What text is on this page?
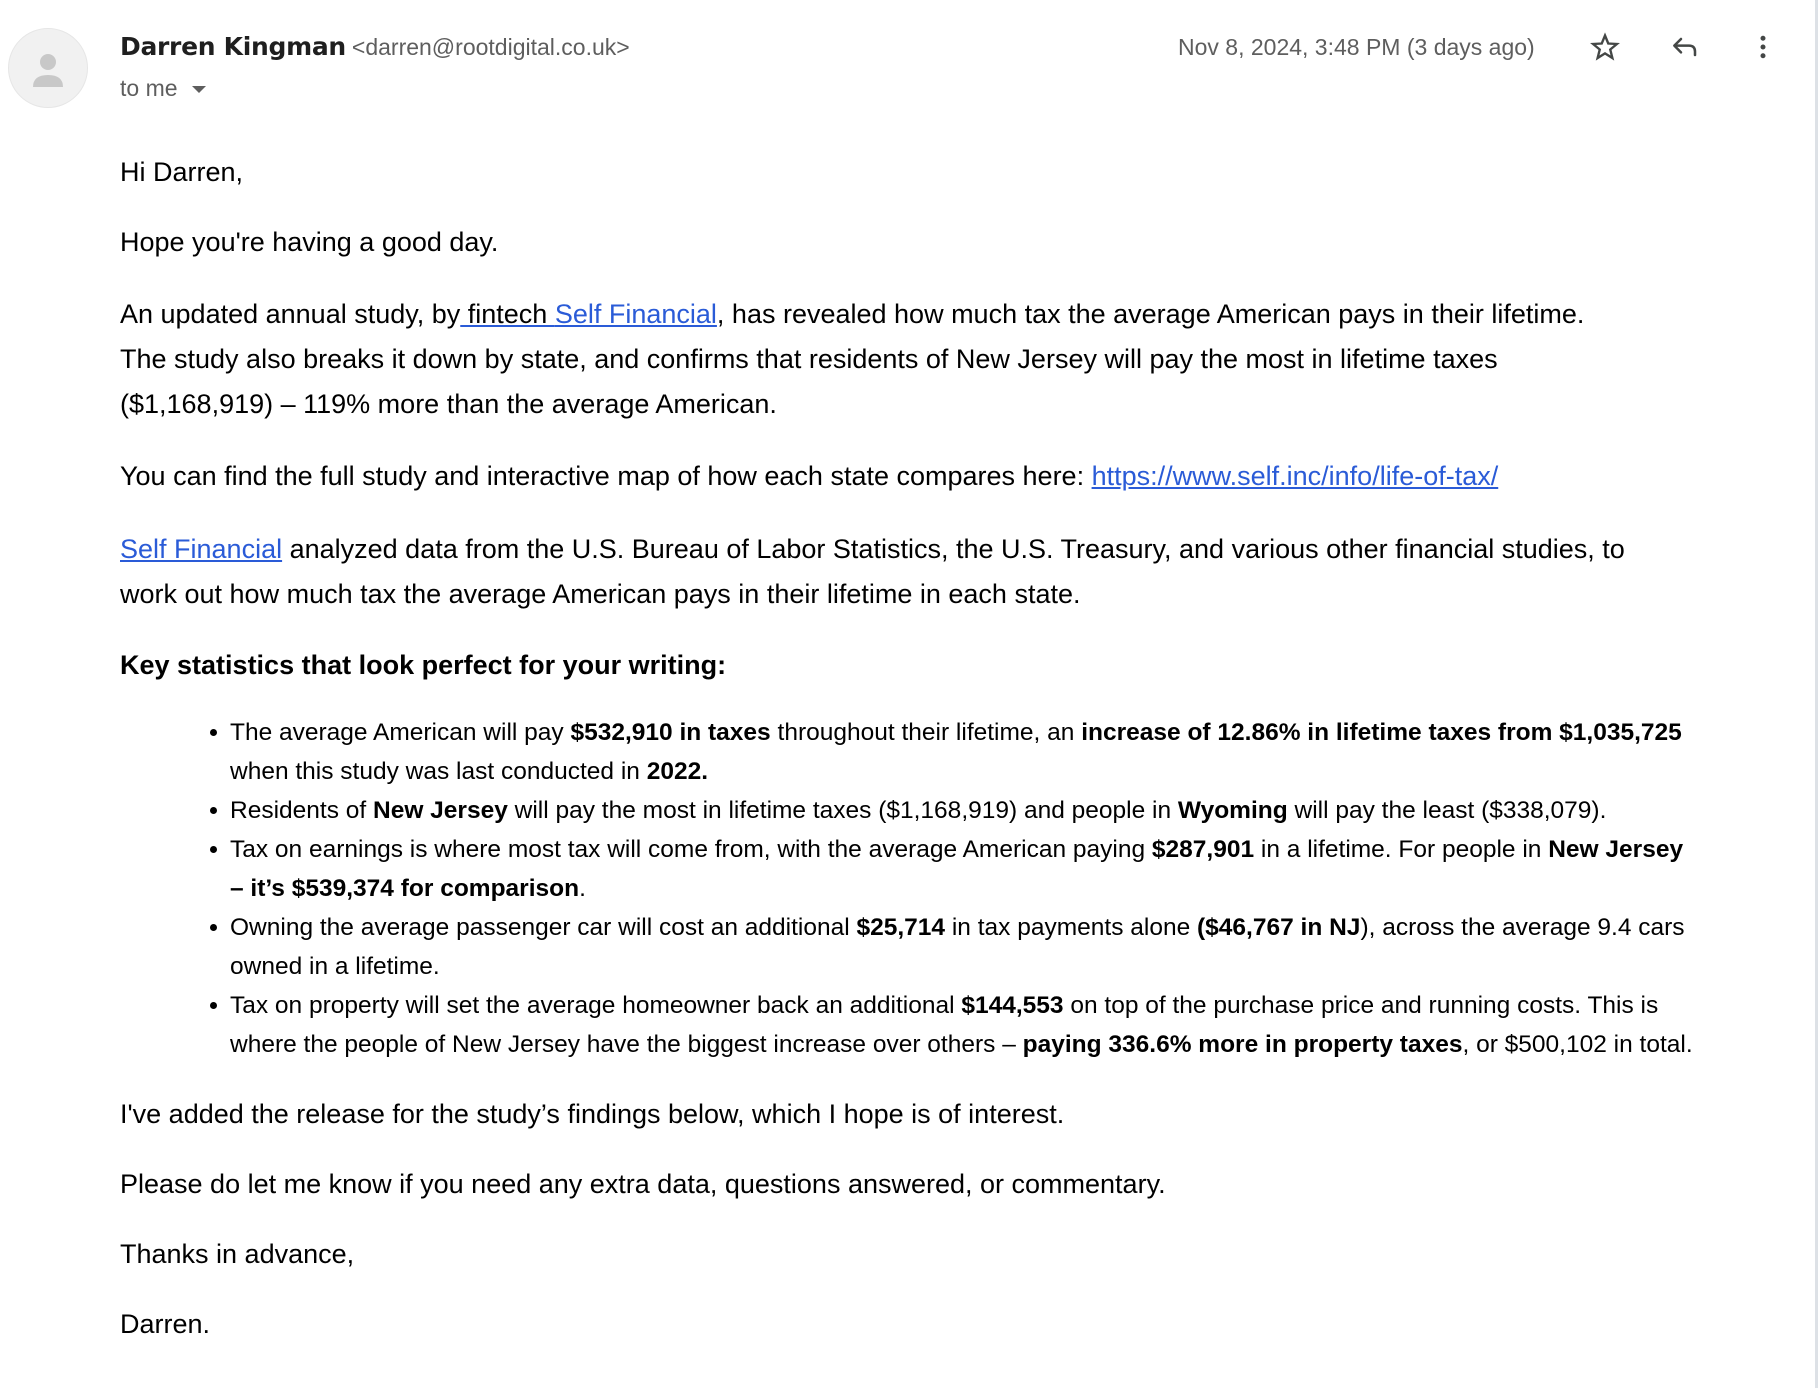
Darren Kingman <darren@rootdigital.co.uk>
to me
Nov 8, 2024, 3:48 PM (3 days ago)
Hi Darren,
Hope you're having a good day.
An updated annual study, by fintech Self Financial, has revealed how much tax the average American pays in their lifetime.
The study also breaks it down by state, and confirms that residents of New Jersey will pay the most in lifetime taxes
($1,168,919) – 119% more than the average American.
You can find the full study and interactive map of how each state compares here: https://www.self.inc/info/life-of-tax/
Self Financial analyzed data from the U.S. Bureau of Labor Statistics, the U.S. Treasury, and various other financial studies, to
work out how much tax the average American pays in their lifetime in each state.
Key statistics that look perfect for your writing:
The average American will pay $532,910 in taxes throughout their lifetime, an increase of 12.86% in lifetime taxes from $1,035,725
when this study was last conducted in 2022.
Residents of New Jersey will pay the most in lifetime taxes ($1,168,919) and people in Wyoming will pay the least ($338,079).
Tax on earnings is where most tax will come from, with the average American paying $287,901 in a lifetime. For people in New Jersey
– it’s $539,374 for comparison.
Owning the average passenger car will cost an additional $25,714 in tax payments alone ($46,767 in NJ), across the average 9.4 cars
owned in a lifetime.
Tax on property will set the average homeowner back an additional $144,553 on top of the purchase price and running costs. This is
where the people of New Jersey have the biggest increase over others – paying 336.6% more in property taxes, or $500,102 in total.
I've added the release for the study’s findings below, which I hope is of interest.
Please do let me know if you need any extra data, questions answered, or commentary.
Thanks in advance,
Darren.
